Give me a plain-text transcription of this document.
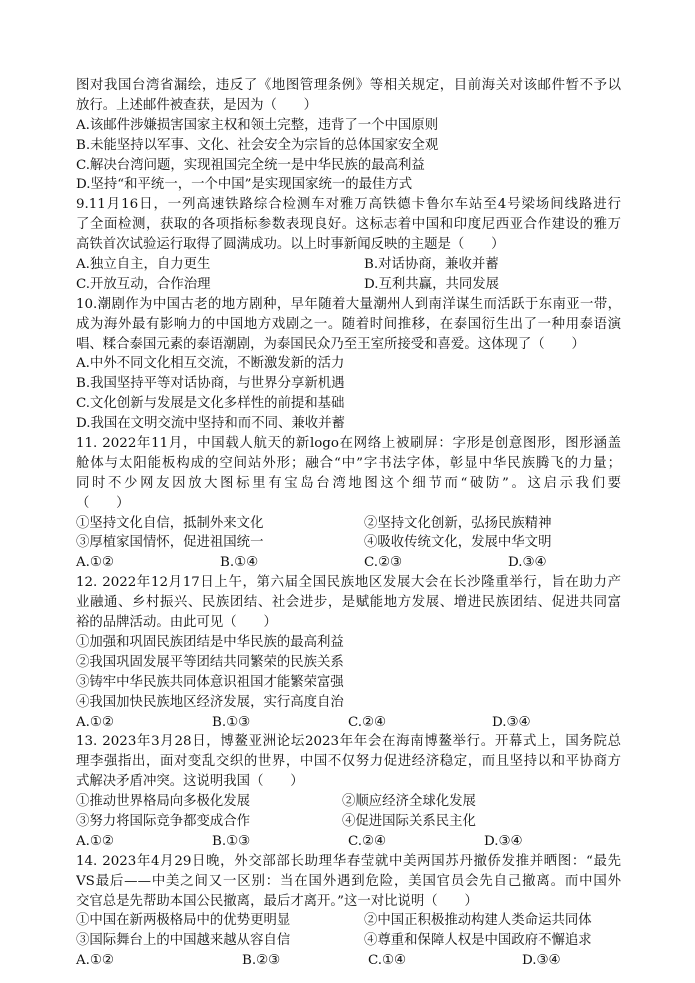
图对我国台湾省漏绘，违反了《地图管理条例》等相关规定，目前海关对该邮件暂不予以
放行。上述邮件被查获，是因为（　　）
A.该邮件涉嫌损害国家主权和领土完整，违背了一个中国原则
B.未能坚持以军事、文化、社会安全为宗旨的总体国家安全观
C.解决台湾问题，实现祖国完全统一是中华民族的最高利益
D.坚持“和平统一，一个中国”是实现国家统一的最佳方式
9.11月16日，一列高速铁路综合检测车对雅万高铁德卡鲁尔车站至4号梁场间线路进行
了全面检测，获取的各项指标参数表现良好。这标志着中国和印度尼西亚合作建设的雅万
高铁首次试验运行取得了圆满成功。以上时事新闻反映的主题是（　　）
A.独立自主，自力更生	B.对话协商，兼收并蓄
C.开放互动，合作治理	D.互利共赢，共同发展
10.潮剧作为中国古老的地方剧种，早年随着大量潮州人到南洋谋生而活跃于东南亚一带，
成为海外最有影响力的中国地方戏剧之一。随着时间推移，在泰国衍生出了一种用泰语演
唱、糅合泰国元素的泰语潮剧，为泰国民众乃至王室所接受和喜爱。这体现了（　　）
A.中外不同文化相互交流，不断激发新的活力
B.我国坚持平等对话协商，与世界分享新机遇
C.文化创新与发展是文化多样性的前提和基础
D.我国在文明交流中坚持和而不同、兼收并蓄
11. 2022年11月，中国载人航天的新logo在网络上被刷屏：字形是创意图形，图形涵盖
舱体与太阳能板构成的空间站外形；融合“中”字书法字体，彰显中华民族腾飞的力量；
同时不少网友因放大图标里有宝岛台湾地图这个细节而“破防”。这启示我们要
（　　）
①坚持文化自信，抵制外来文化	②坚持文化创新，弘扬民族精神
③厚植家国情怀，促进祖国统一	④吸收传统文化，发展中华文明
A.①②	B.①④	C.②③	D.③④
12. 2022年12月17日上午，第六届全国民族地区发展大会在长沙隆重举行，旨在助力产
业融通、乡村振兴、民族团结、社会进步，是赋能地方发展、增进民族团结、促进共同富
裕的品牌活动。由此可见（　　）
①加强和巩固民族团结是中华民族的最高利益
②我国巩固发展平等团结共同繁荣的民族关系
③铸牢中华民族共同体意识祖国才能繁荣富强
④我国加快民族地区经济发展，实行高度自治
A.①②	B.①③	C.②④	D.③④
13. 2023年3月28日，博鳌亚洲论坛2023年年会在海南博鳌举行。开幕式上，国务院总
理李强指出，面对变乱交织的世界，中国不仅努力促进经济稳定，而且坚持以和平协商方
式解决矛盾冲突。这说明我国（　　）
①推动世界格局向多极化发展	②顺应经济全球化发展
③努力将国际竞争都变成合作	④促进国际关系民主化
A.①②	B.①③	C.②④	D.③④
14. 2023年4月29日晚，外交部部长助理华春莹就中美两国苏丹撤侨发推并晒图：“最先
VS最后——中美之间又一区别：当在国外遇到危险，美国官员会先自己撤离。而中国外
交官总是先帮助本国公民撤离，最后才离开。”这一对比说明（　　）
①中国在新两极格局中的优势更明显	②中国正积极推动构建人类命运共同体
③国际舞台上的中国越来越从容自信	④尊重和保障人权是中国政府不懈追求
A.①②	B.②③	C.①④	D.③④
